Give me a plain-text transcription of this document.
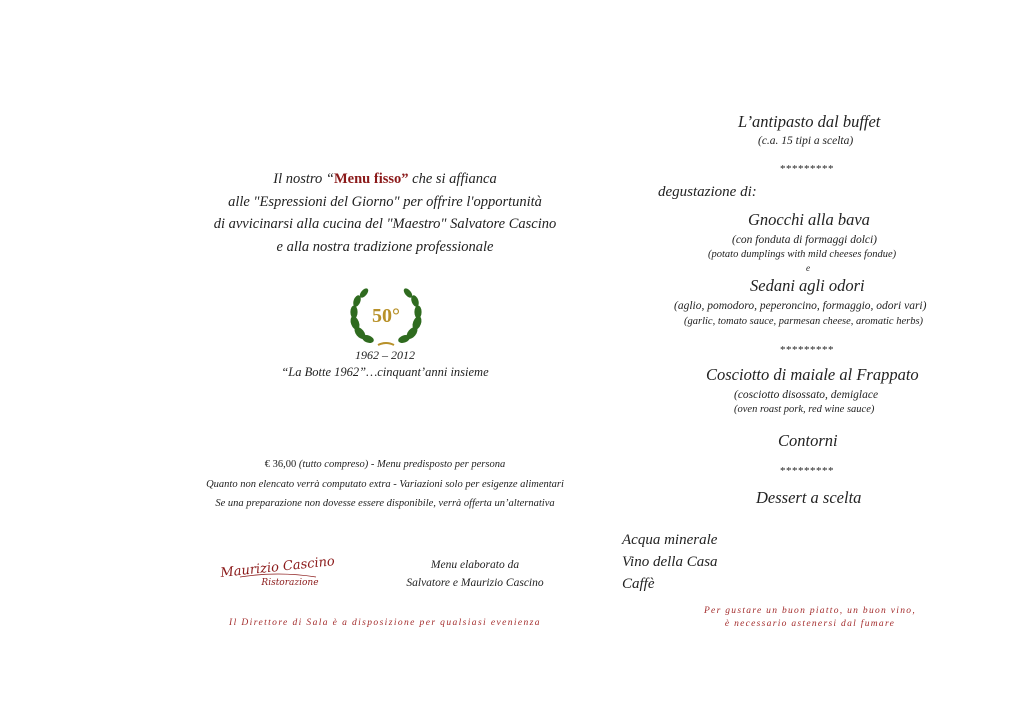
Il nostro “Menu fisso” che si affianca
alle "Espressioni del Giorno" per offrire l'opportunità
di avvicinarsi alla cucina del "Maestro" Salvatore Cascino
e alla nostra tradizione professionale
50°
1962 – 2012
“La Botte 1962”…cinquant’anni insieme
€ 36,00 (tutto compreso) - Menu predisposto per persona
Quanto non elencato verrà computato extra - Variazioni solo per esigenze alimentari
Se una preparazione non dovesse essere disponibile, verrà offerta un’alternativa
Maurizio Cascino
Ristorazione
Menu elaborato da
Salvatore e Maurizio Cascino
Il Direttore di Sala è a disposizione per qualsiasi evenienza
L’antipasto dal buffet
(c.a. 15 tipi a scelta)
*********
degustazione di:
Gnocchi alla bava
(con fonduta di formaggi dolci)
(potato dumplings with mild cheeses fondue)
e
Sedani agli odori
(aglio, pomodoro, peperoncino, formaggio, odori vari)
(garlic, tomato sauce, parmesan cheese, aromatic herbs)
*********
Cosciotto di maiale al Frappato
(cosciotto disossato, demiglace
(oven roast pork, red wine sauce)
Contorni
*********
Dessert a scelta
Acqua minerale
Vino della Casa
Caffè
Per gustare un buon piatto, un buon vino,
è necessario astenersi dal fumare
